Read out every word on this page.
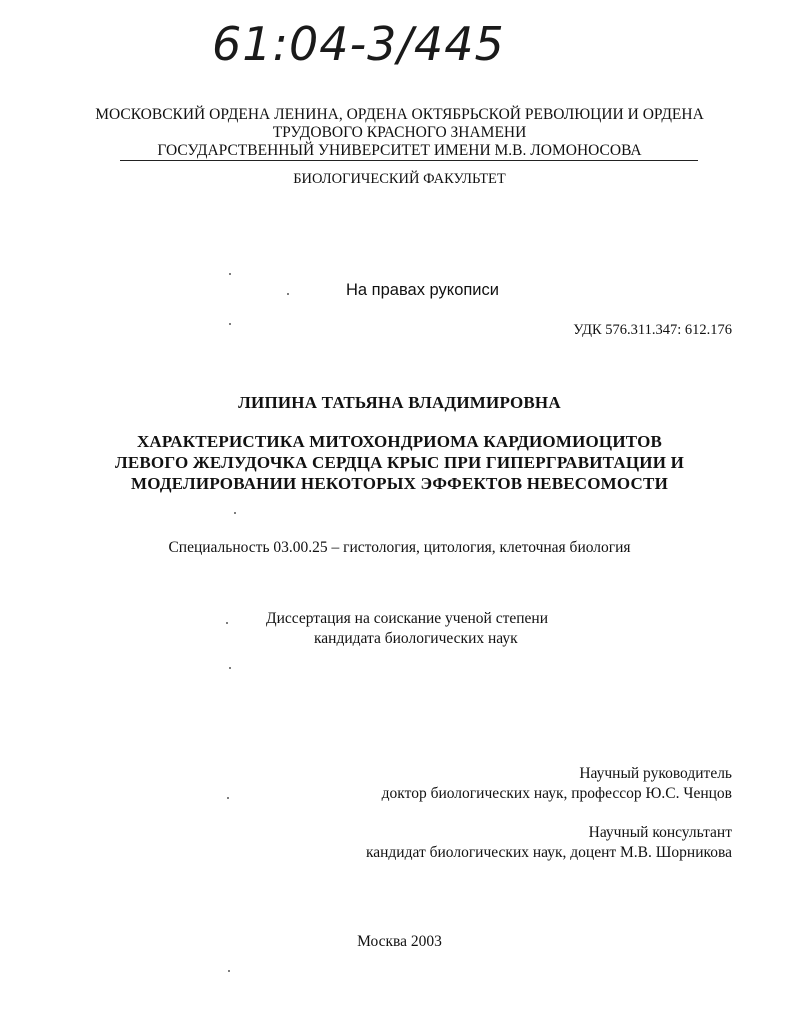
61:04-3/445
МОСКОВСКИЙ ОРДЕНА ЛЕНИНА, ОРДЕНА ОКТЯБРЬСКОЙ РЕВОЛЮЦИИ И ОРДЕНА
ТРУДОВОГО КРАСНОГО ЗНАМЕНИ
ГОСУДАРСТВЕННЫЙ УНИВЕРСИТЕТ ИМЕНИ М.В. ЛОМОНОСОВА
БИОЛОГИЧЕСКИЙ ФАКУЛЬТЕТ
На правах рукописи
УДК 576.311.347: 612.176
ЛИПИНА ТАТЬЯНА ВЛАДИМИРОВНА
ХАРАКТЕРИСТИКА МИТОХОНДРИОМА КАРДИОМИОЦИТОВ
ЛЕВОГО ЖЕЛУДОЧКА СЕРДЦА КРЫС ПРИ ГИПЕРГРАВИТАЦИИ И
МОДЕЛИРОВАНИИ НЕКОТОРЫХ ЭФФЕКТОВ НЕВЕСОМОСТИ
Специальность 03.00.25 – гистология, цитология, клеточная биология
Диссертация на соискание ученой степени
кандидата биологических наук
Научный руководитель
доктор биологических наук, профессор Ю.С. Ченцов
Научный консультант
кандидат биологических наук, доцент М.В. Шорникова
Москва 2003
